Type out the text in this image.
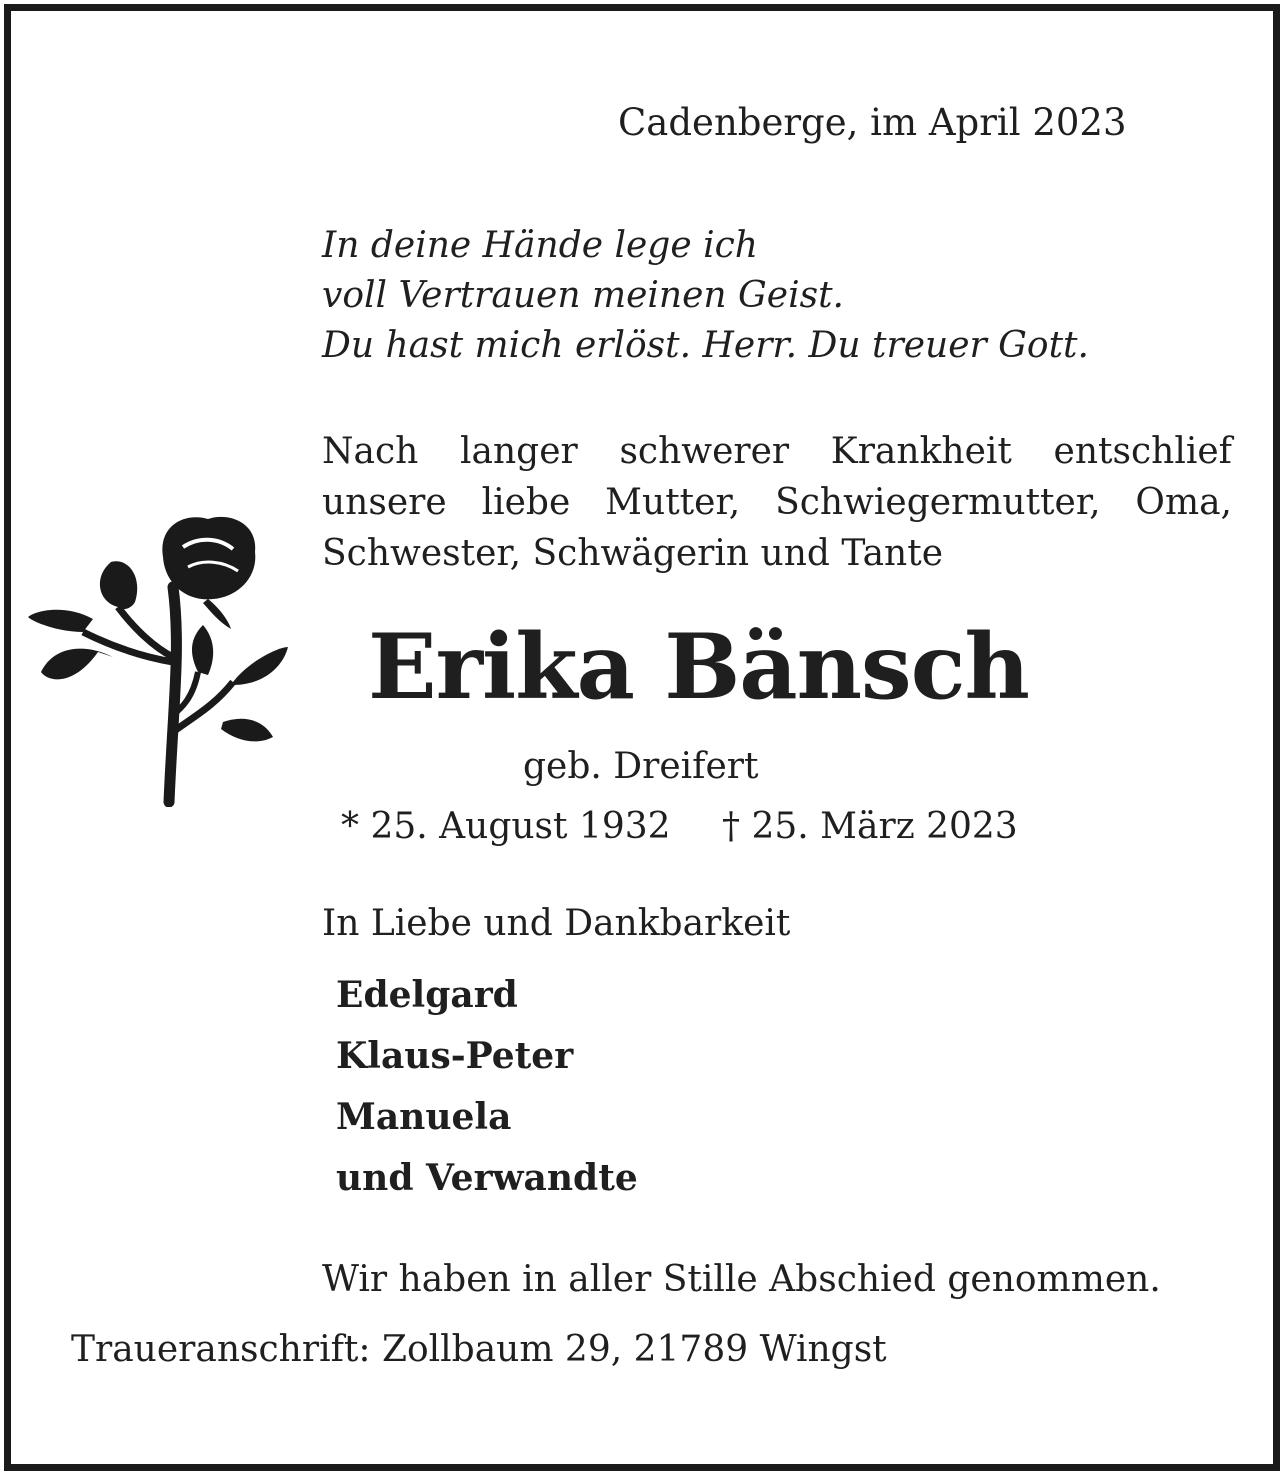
Cadenberge, im April 2023
In deine Hände lege ich
voll Vertrauen meinen Geist.
Du hast mich erlöst. Herr. Du treuer Gott.
Nach langer schwerer Krankheit entschlief unsere liebe Mutter, Schwiegermutter, Oma, Schwester, Schwägerin und Tante
Erika Bänsch
geb. Dreifert
* 25. August 1932 † 25. März 2023
In Liebe und Dankbarkeit
Edelgard
Klaus-Peter
Manuela
und Verwandte
Wir haben in aller Stille Abschied genommen.
Traueranschrift: Zollbaum 29, 21789 Wingst
